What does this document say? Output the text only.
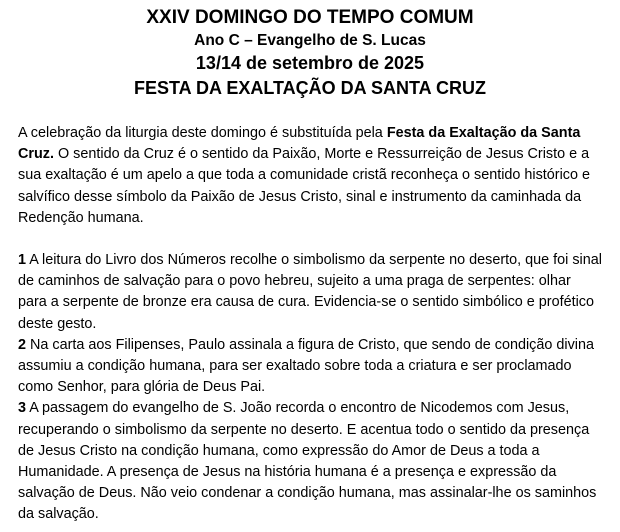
XXIV DOMINGO DO TEMPO COMUM
Ano C – Evangelho de S. Lucas
13/14 de setembro de 2025
FESTA DA EXALTAÇÃO DA SANTA CRUZ

A celebração da liturgia deste domingo é substituída pela Festa da Exaltação da Santa Cruz. O sentido da Cruz é o sentido da Paixão, Morte e Ressurreição de Jesus Cristo e a sua exaltação é um apelo a que toda a comunidade cristã reconheça o sentido histórico e salvífico desse símbolo da Paixão de Jesus Cristo, sinal e instrumento da caminhada da Redenção humana.

1 A leitura do Livro dos Números recolhe o simbolismo da serpente no deserto, que foi sinal de caminhos de salvação para o povo hebreu, sujeito a uma praga de serpentes: olhar para a serpente de bronze era causa de cura. Evidencia-se o sentido simbólico e profético deste gesto.

2 Na carta aos Filipenses, Paulo assinala a figura de Cristo, que sendo de condição divina assumiu a condição humana, para ser exaltado sobre toda a criatura e ser proclamado como Senhor, para glória de Deus Pai.

3 A passagem do evangelho de S. João recorda o encontro de Nicodemos com Jesus, recuperando o simbolismo da serpente no deserto. E acentua todo o sentido da presença de Jesus Cristo na condição humana, como expressão do Amor de Deus a toda a Humanidade. A presença de Jesus na história humana é a presença e expressão da salvação de Deus. Não veio condenar a condição humana, mas assinalar-lhe os saminhos da salvação.
